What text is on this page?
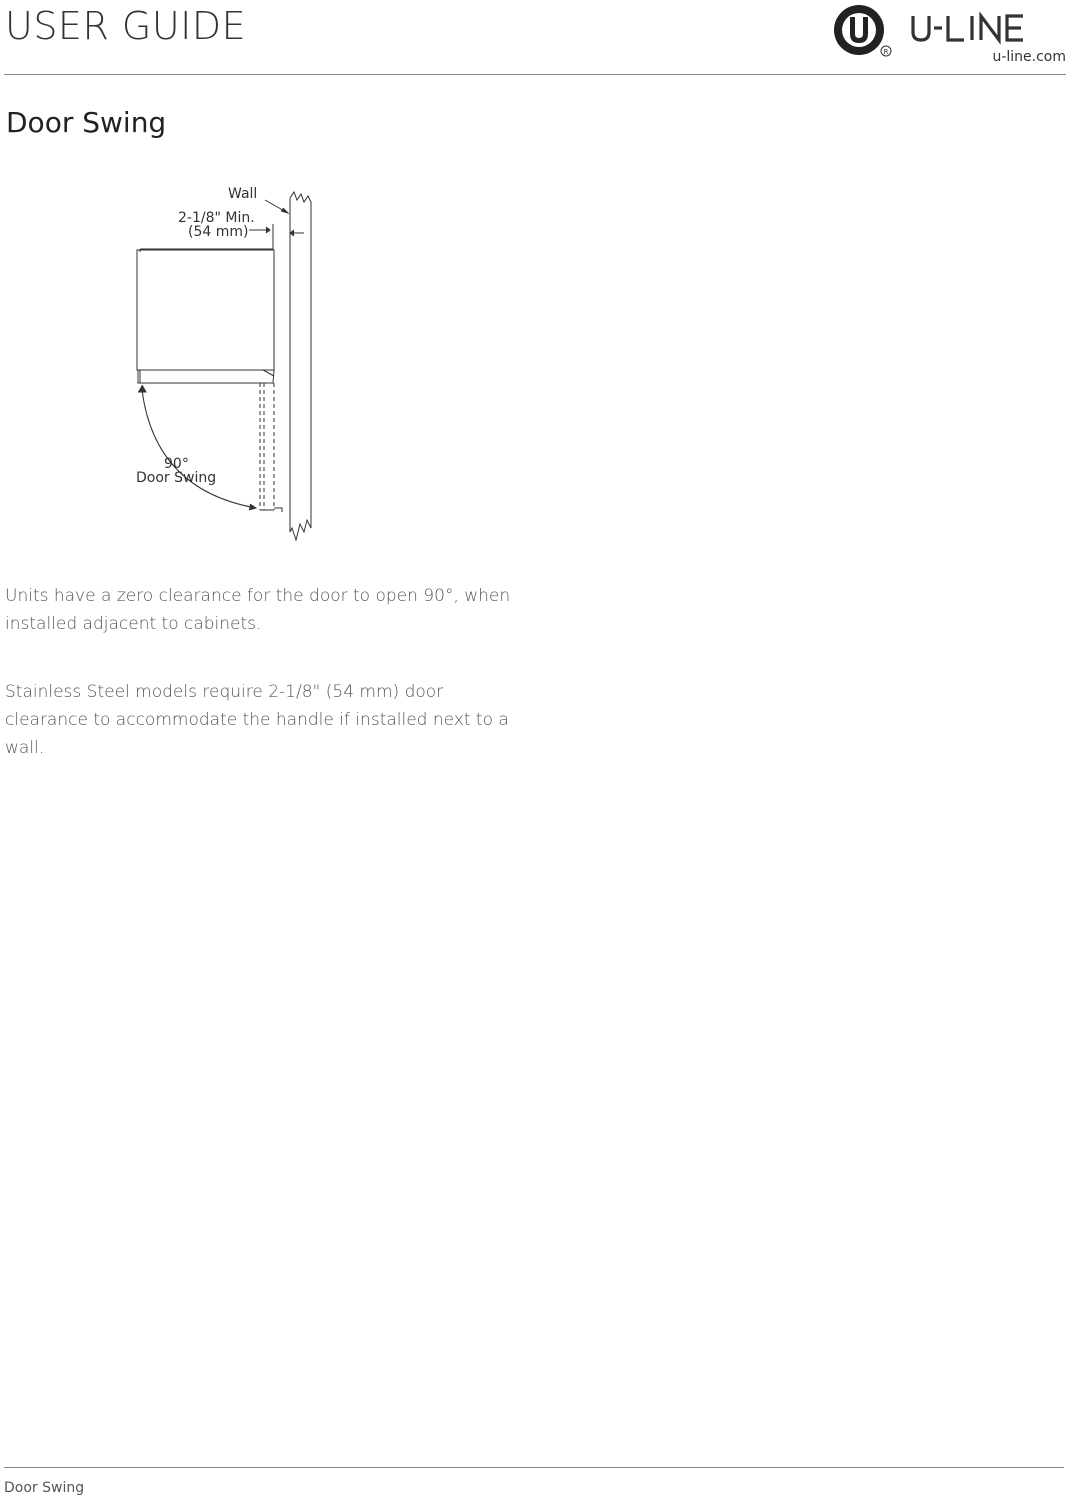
USER GUIDE
R	u-line.com
Door Swing
Wall
2-1/8" Min.
(54 mm)
90°
Door Swing
Units have a zero clearance for the door to open 90°, when installed adjacent to cabinets.
Stainless Steel models require 2-1/8" (54 mm) door clearance to accommodate the handle if installed next to a wall.
Door Swing
